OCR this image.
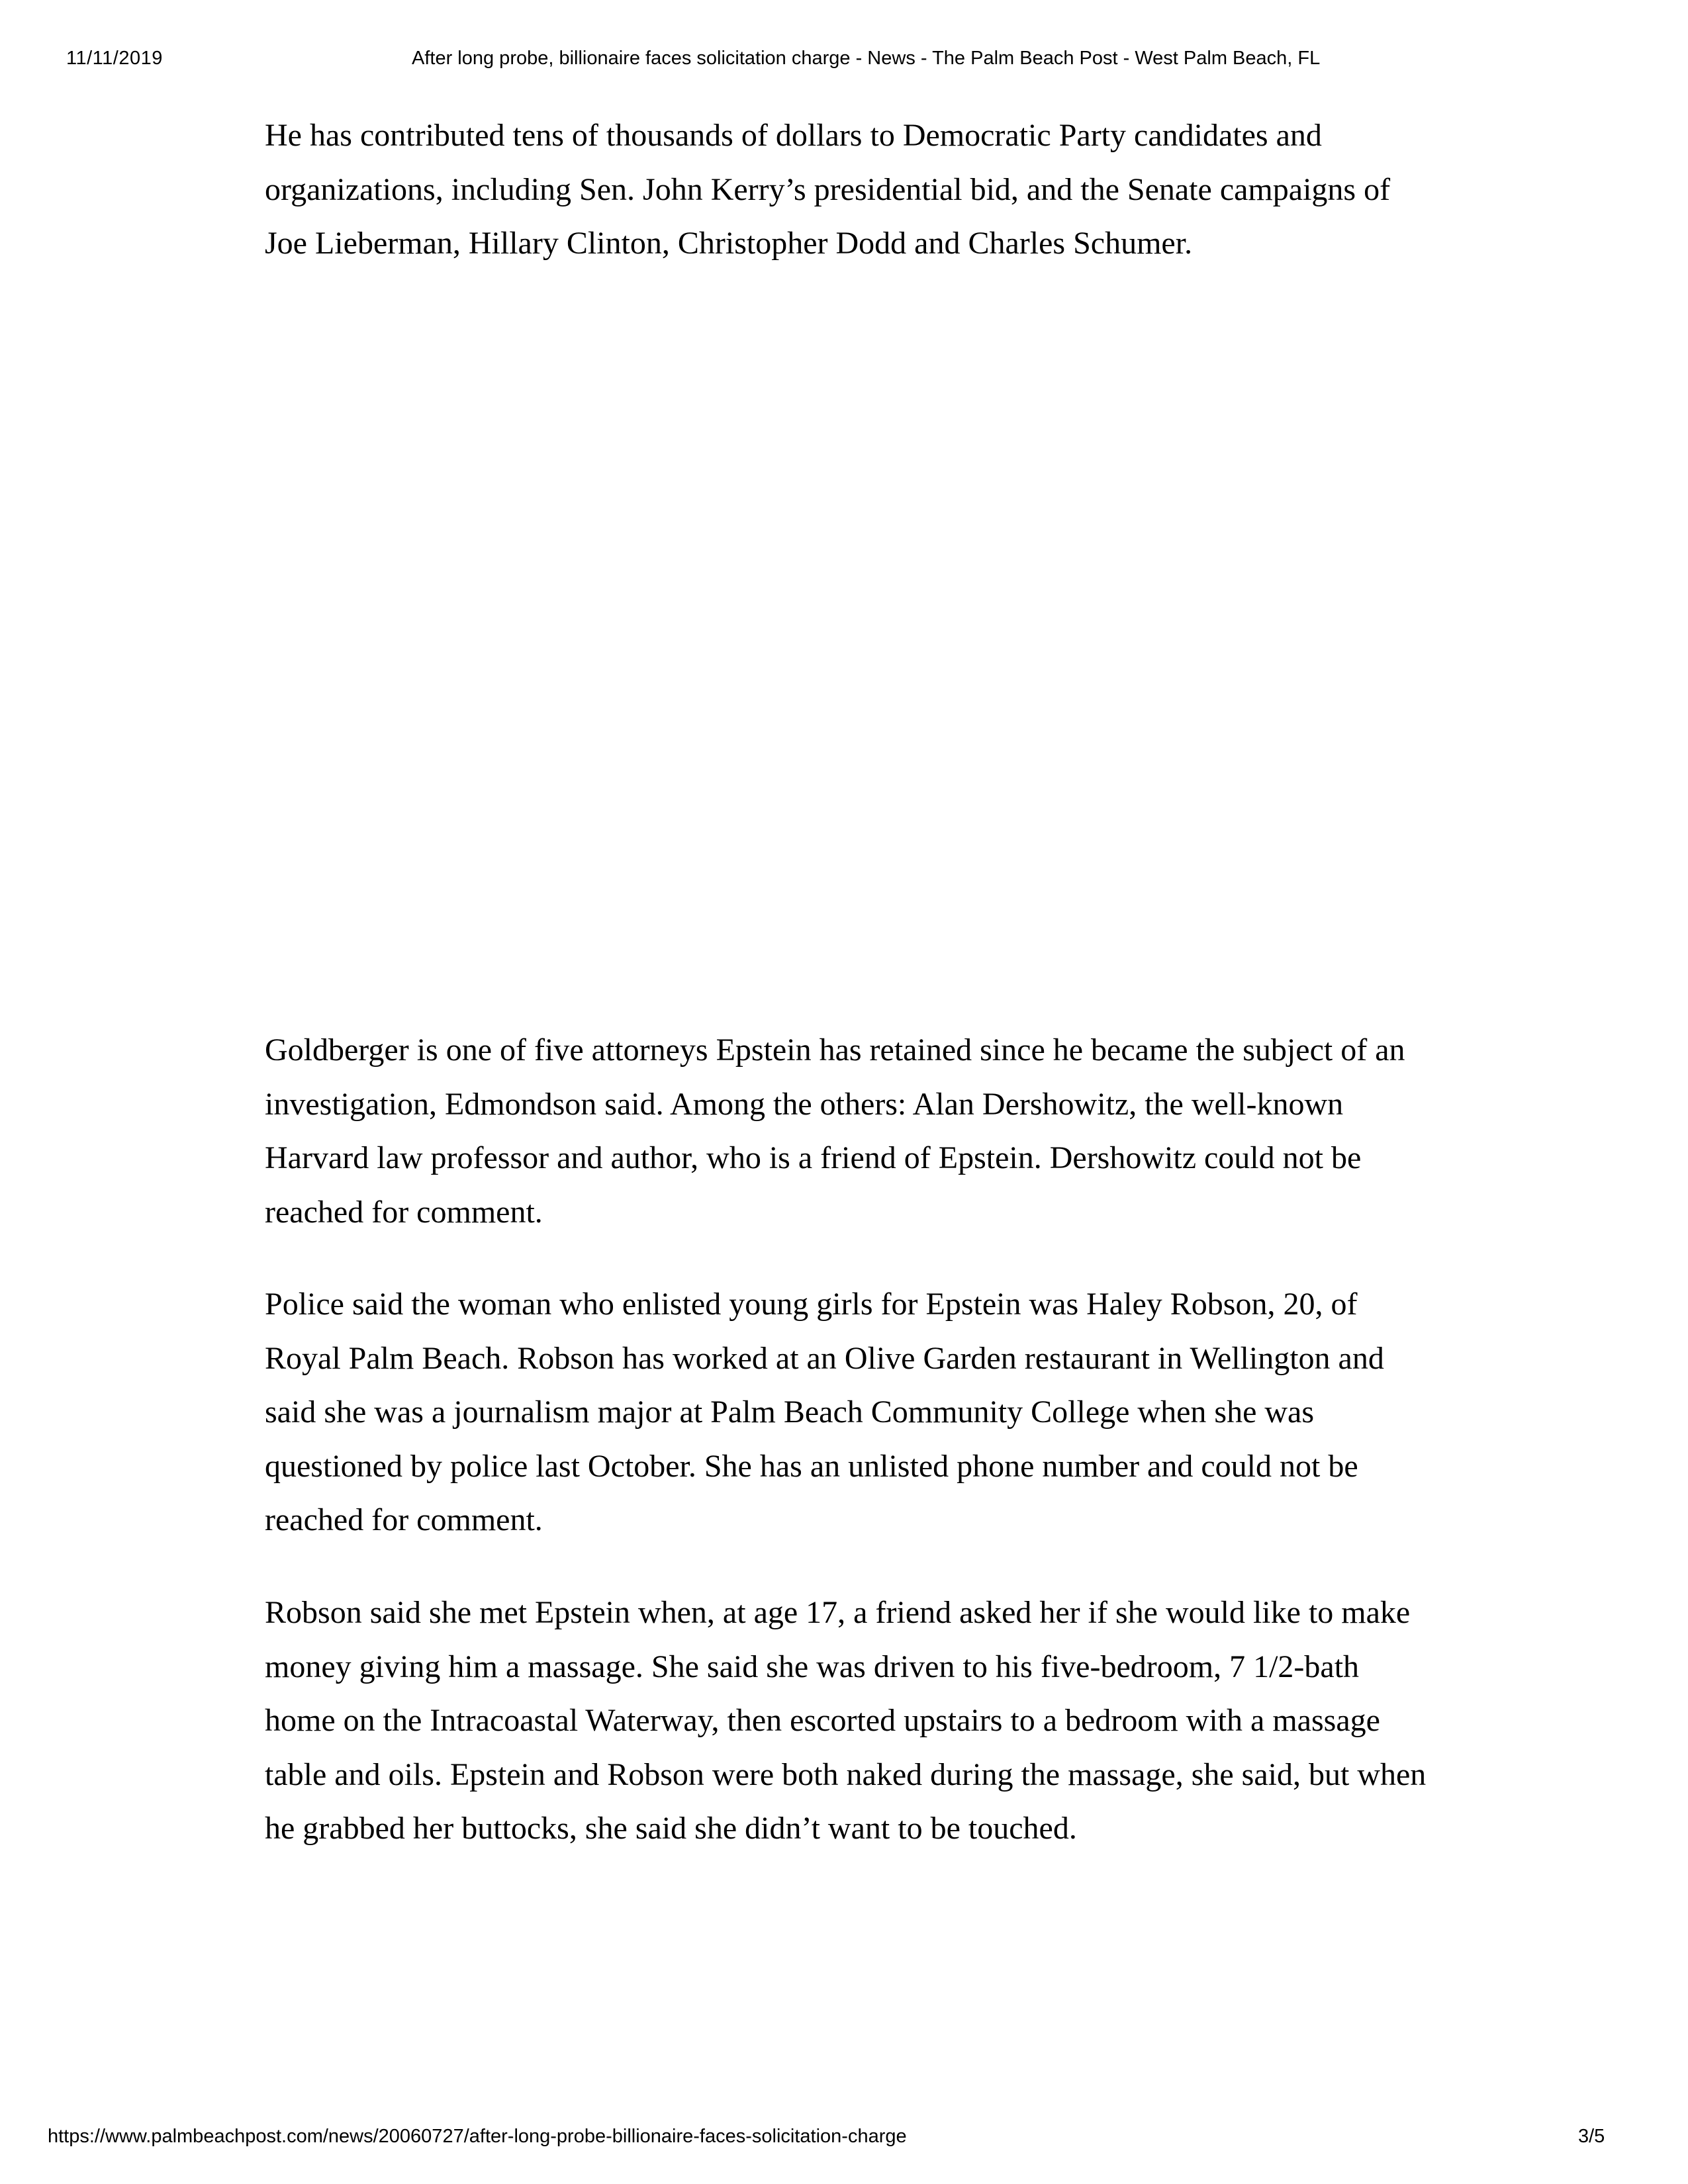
11/11/2019	After long probe, billionaire faces solicitation charge - News - The Palm Beach Post - West Palm Beach, FL

He has contributed tens of thousands of dollars to Democratic Party candidates and organizations, including Sen. John Kerry’s presidential bid, and the Senate campaigns of Joe Lieberman, Hillary Clinton, Christopher Dodd and Charles Schumer.

Goldberger is one of five attorneys Epstein has retained since he became the subject of an investigation, Edmondson said. Among the others: Alan Dershowitz, the well-known Harvard law professor and author, who is a friend of Epstein. Dershowitz could not be reached for comment.

Police said the woman who enlisted young girls for Epstein was Haley Robson, 20, of Royal Palm Beach. Robson has worked at an Olive Garden restaurant in Wellington and said she was a journalism major at Palm Beach Community College when she was questioned by police last October. She has an unlisted phone number and could not be reached for comment.

Robson said she met Epstein when, at age 17, a friend asked her if she would like to make money giving him a massage. She said she was driven to his five-bedroom, 7 1/2-bath home on the Intracoastal Waterway, then escorted upstairs to a bedroom with a massage table and oils. Epstein and Robson were both naked during the massage, she said, but when he grabbed her buttocks, she said she didn’t want to be touched.

https://www.palmbeachpost.com/news/20060727/after-long-probe-billionaire-faces-solicitation-charge	3/5
